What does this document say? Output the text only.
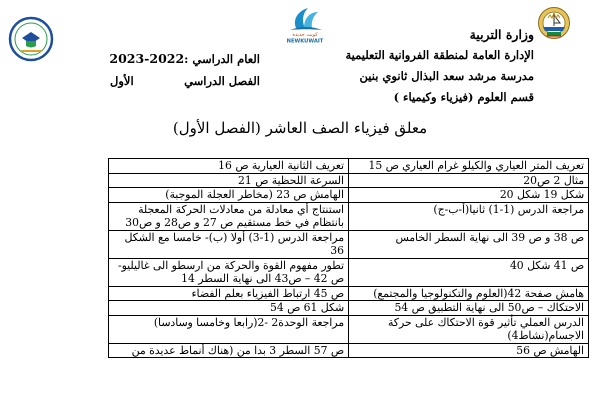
كويت جديدة
NEWKUWAIT	وزارة التربية
الإدارة العامة لمنطقة الفروانية التعليمية
مدرسة مرشد سعد البذال ثانوي بنين
قسم العلوم (فيزياء وكيمياء )
العام الدراسي :
2023-2022
الفصل الدراسي
الأول
معلق فيزياء الصف العاشر (الفصل الأول)
تعريف المتر العياري والكيلو غرام العياري ص 15	تعريف الثانية العيارية ص 16
مثال 2 ص20	السرعة اللحظية ص 21
شكل 19 شكل 20	الهامش ص 23 (مخاطر العجلة الموجبة)
مراجعة الدرس (1-1) ثانيا(أ-ب-ج)	استنتاج أي معادلة من معادلات الحركة المعجلة بانتظام في خط مستقيم ص 27 و ص28 و ص30
ص 38 و ص 39 الى نهاية السطر الخامس	مراجعة الدرس (1-3) أولا (ب)- خامسا مع الشكل 36
ص 41 شكل 40	تطور مفهوم القوة والحركة من ارسطو الى غاليليو- ص 42 – ص43 الى نهاية السطر 14
هامش صفحة 42(العلوم والتكنولوجيا والمجتمع)	ص 45 ارتباط الفيزياء بعلم الفضاء
الاحتكاك – ص50 الى نهاية التطبيق ص 54	شكل 61 ص 54
الدرس العملي تأثير قوة الاحتكاك على حركة الاجسام(نشاط4)	مراجعة الوحدة2 -2(رابعا وخامسا وسادسا)
الهامش ص 56	ص 57 السطر 3 بدا من (هناك أنماط عديدة من
